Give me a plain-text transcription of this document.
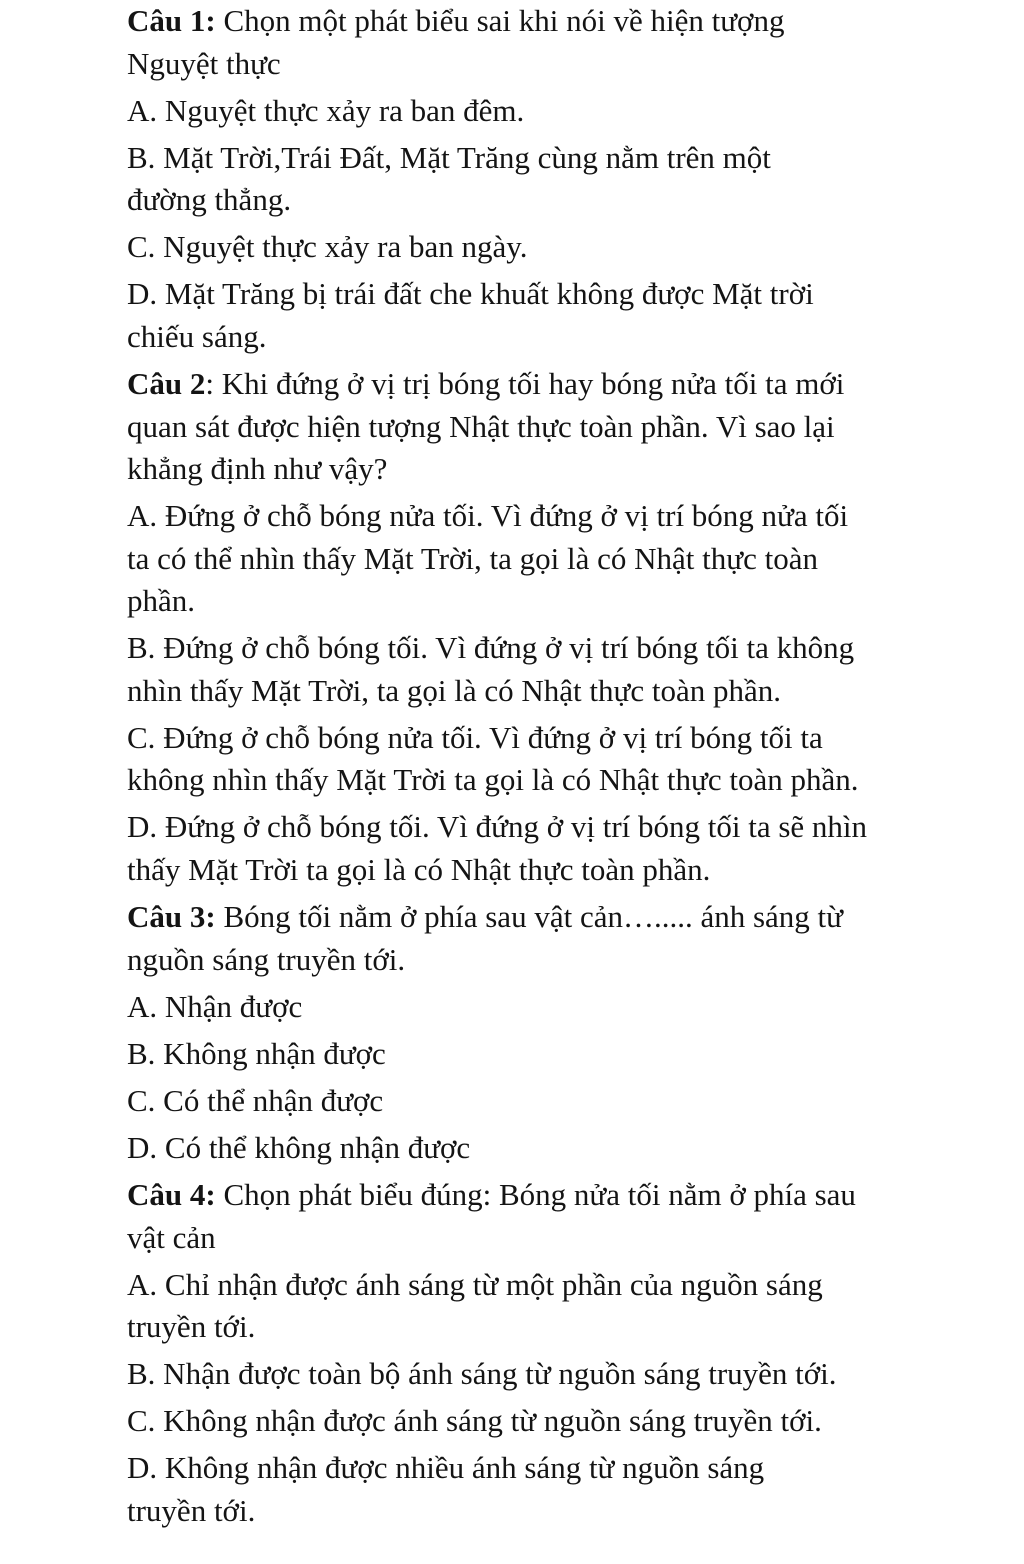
Câu 1: Chọn một phát biểu sai khi nói về hiện tượng Nguyệt thực

A. Nguyệt thực xảy ra ban đêm.

B. Mặt Trời,Trái Đất, Mặt Trăng cùng nằm trên một đường thẳng.

C. Nguyệt thực xảy ra ban ngày.

D. Mặt Trăng bị trái đất che khuất không được Mặt trời chiếu sáng.

Câu 2: Khi đứng ở vị trị bóng tối hay bóng nửa tối ta mới quan sát được hiện tượng Nhật thực toàn phần. Vì sao lại khẳng định như vậy?

A. Đứng ở chỗ bóng nửa tối. Vì đứng ở vị trí bóng nửa tối ta có thể nhìn thấy Mặt Trời, ta gọi là có Nhật thực toàn phần.

B. Đứng ở chỗ bóng tối. Vì đứng ở vị trí bóng tối ta không nhìn thấy Mặt Trời, ta gọi là có Nhật thực toàn phần.

C. Đứng ở chỗ bóng nửa tối. Vì đứng ở vị trí bóng tối ta không nhìn thấy Mặt Trời ta gọi là có Nhật thực toàn phần.

D. Đứng ở chỗ bóng tối. Vì đứng ở vị trí bóng tối ta sẽ nhìn thấy Mặt Trời ta gọi là có Nhật thực toàn phần.

Câu 3: Bóng tối nằm ở phía sau vật cản…..... ánh sáng từ nguồn sáng truyền tới.

A. Nhận được

B. Không nhận được

C. Có thể nhận được

D. Có thể không nhận được

Câu 4: Chọn phát biểu đúng: Bóng nửa tối nằm ở phía sau vật cản

A. Chỉ nhận được ánh sáng từ một phần của nguồn sáng truyền tới.

B. Nhận được toàn bộ ánh sáng từ nguồn sáng truyền tới.

C. Không nhận được ánh sáng từ nguồn sáng truyền tới.

D. Không nhận được nhiều ánh sáng từ nguồn sáng truyền tới.
